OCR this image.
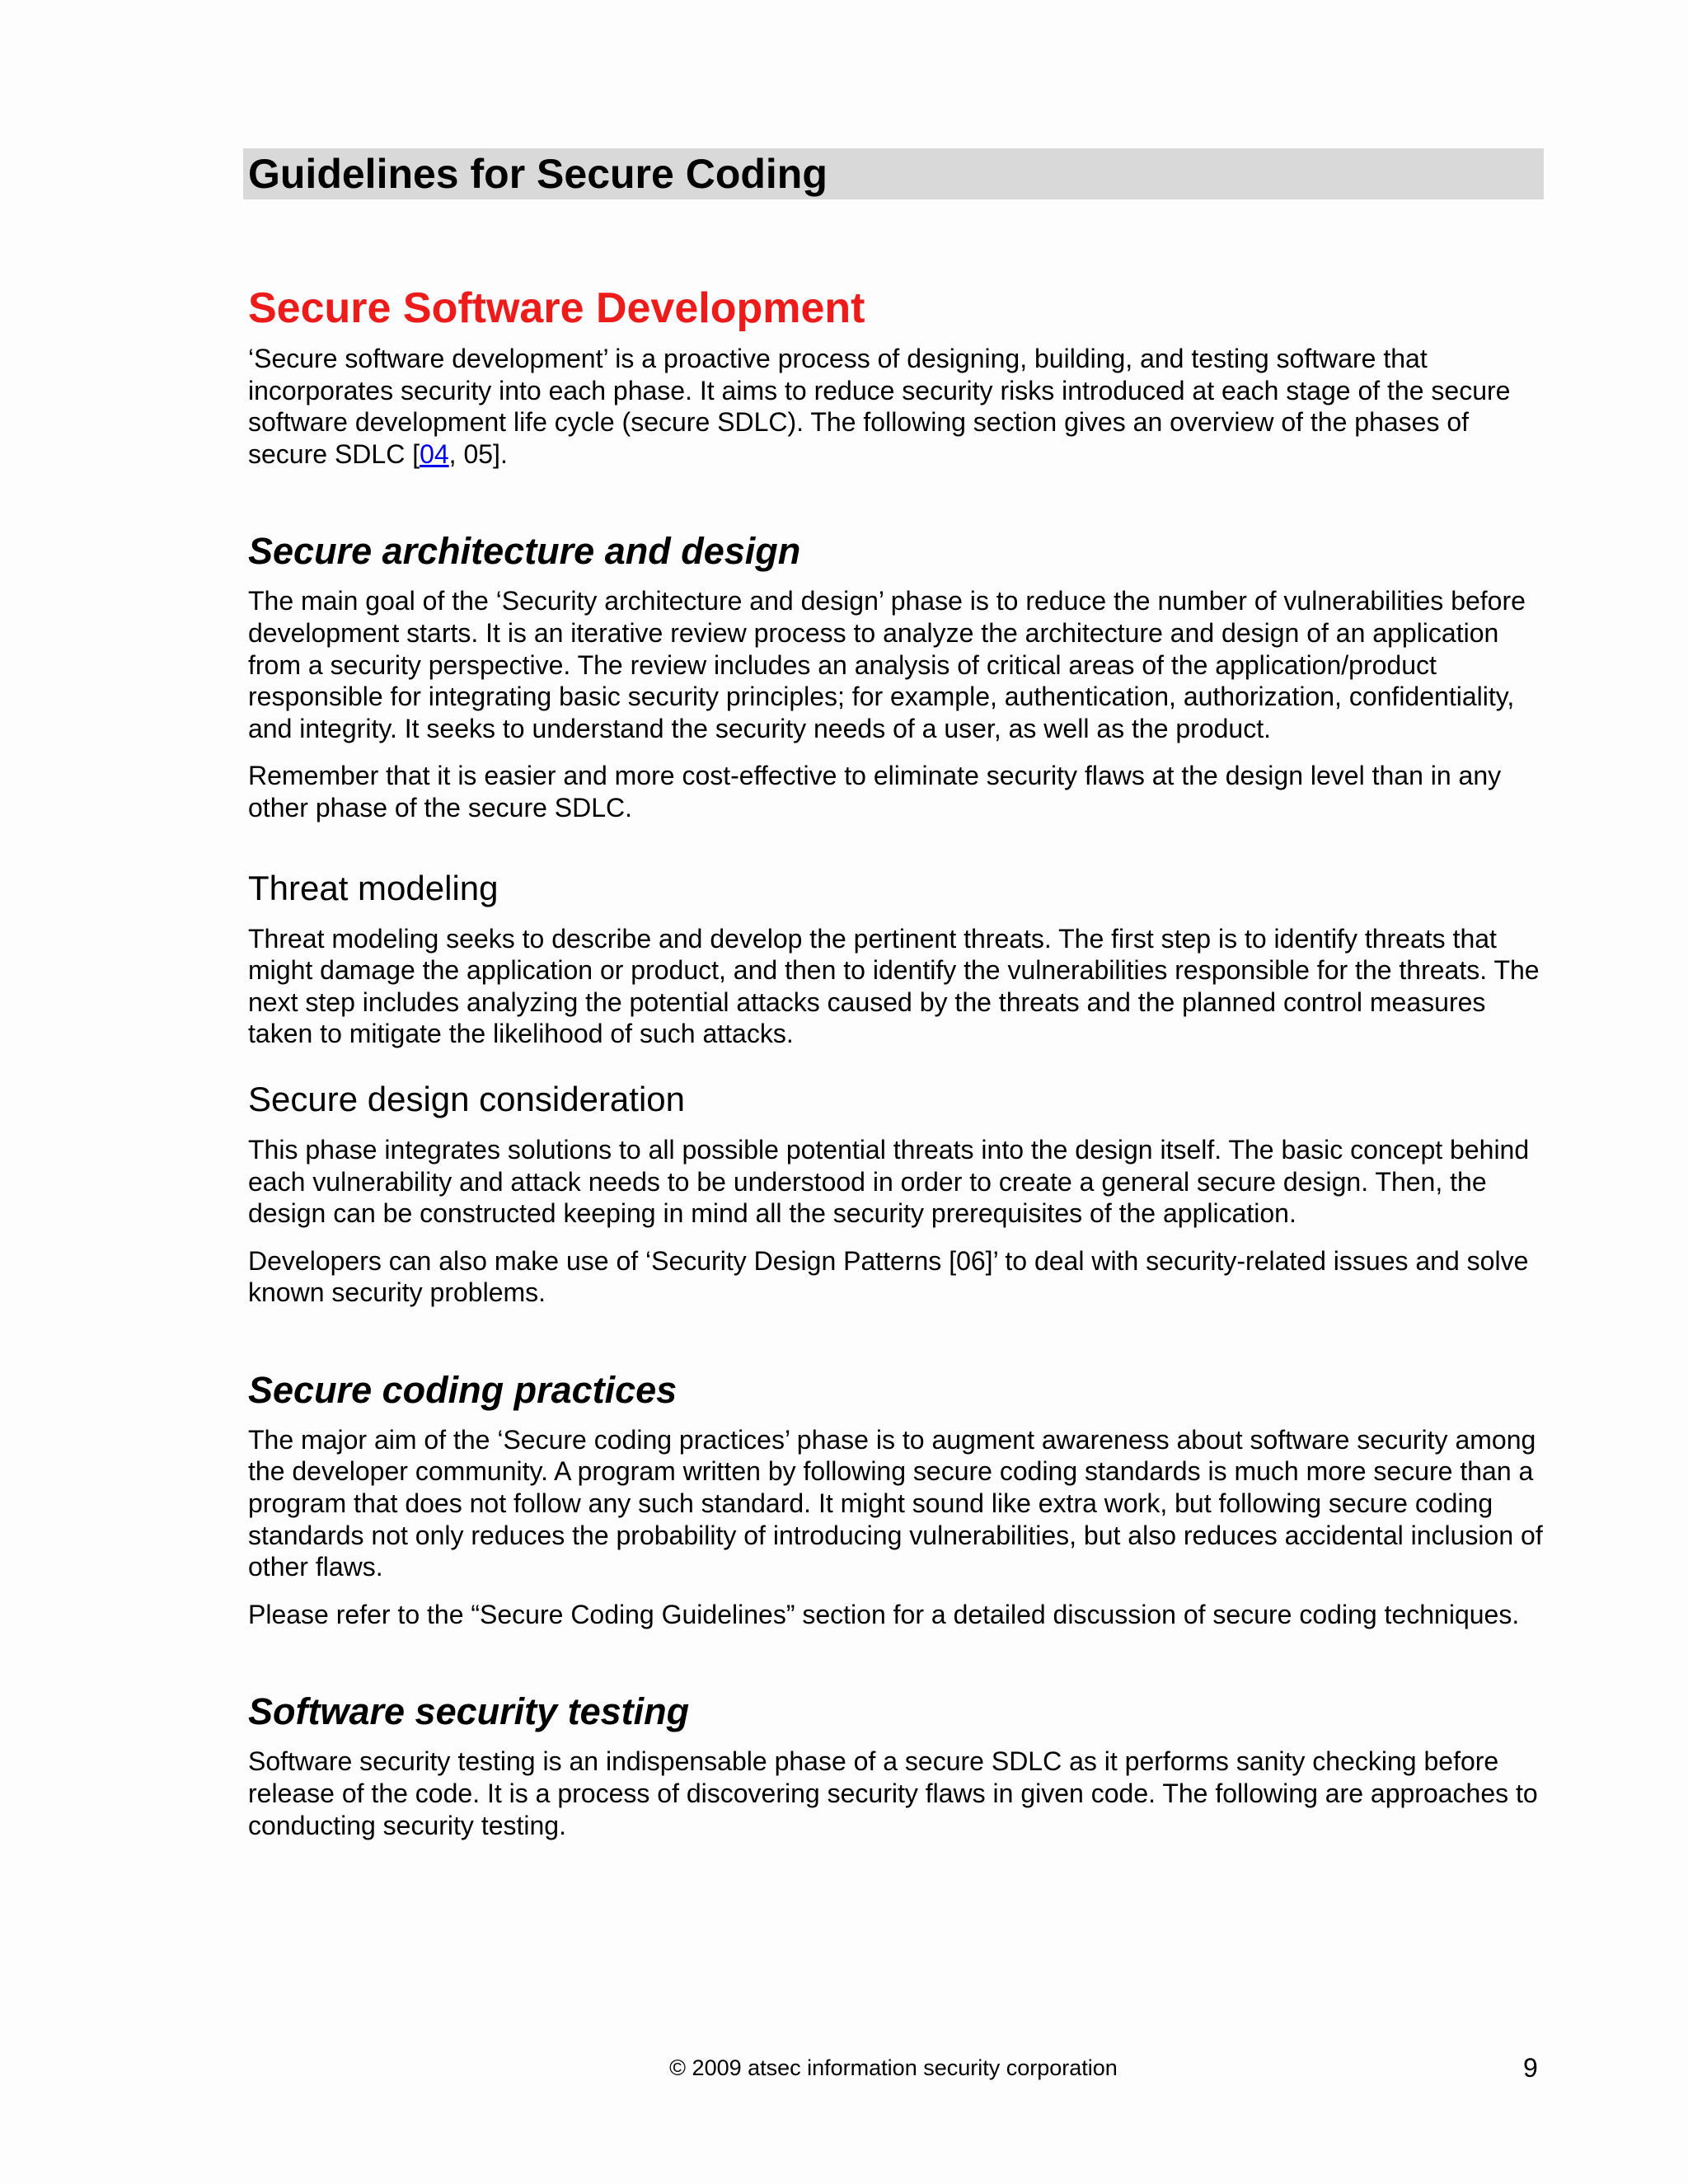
Guidelines for Secure Coding
Secure Software Development

‘Secure software development’ is a proactive process of designing, building, and testing software that incorporates security into each phase. It aims to reduce security risks introduced at each stage of the secure software development life cycle (secure SDLC). The following section gives an overview of the phases of secure SDLC [04, 05].

Secure architecture and design

The main goal of the ‘Security architecture and design’ phase is to reduce the number of vulnerabilities before development starts. It is an iterative review process to analyze the architecture and design of an application from a security perspective. The review includes an analysis of critical areas of the application/product responsible for integrating basic security principles; for example, authentication, authorization, confidentiality, and integrity. It seeks to understand the security needs of a user, as well as the product.

Remember that it is easier and more cost-effective to eliminate security flaws at the design level than in any other phase of the secure SDLC.

Threat modeling

Threat modeling seeks to describe and develop the pertinent threats. The first step is to identify threats that might damage the application or product, and then to identify the vulnerabilities responsible for the threats. The next step includes analyzing the potential attacks caused by the threats and the planned control measures taken to mitigate the likelihood of such attacks.

Secure design consideration

This phase integrates solutions to all possible potential threats into the design itself. The basic concept behind each vulnerability and attack needs to be understood in order to create a general secure design. Then, the design can be constructed keeping in mind all the security prerequisites of the application.

Developers can also make use of ‘Security Design Patterns [06]’ to deal with security-related issues and solve known security problems.

Secure coding practices

The major aim of the ‘Secure coding practices’ phase is to augment awareness about software security among the developer community. A program written by following secure coding standards is much more secure than a program that does not follow any such standard. It might sound like extra work, but following secure coding standards not only reduces the probability of introducing vulnerabilities, but also reduces accidental inclusion of other flaws.

Please refer to the “Secure Coding Guidelines” section for a detailed discussion of secure coding techniques.

Software security testing

Software security testing is an indispensable phase of a secure SDLC as it performs sanity checking before release of the code. It is a process of discovering security flaws in given code. The following are approaches to conducting security testing.

© 2009 atsec information security corporation	9
